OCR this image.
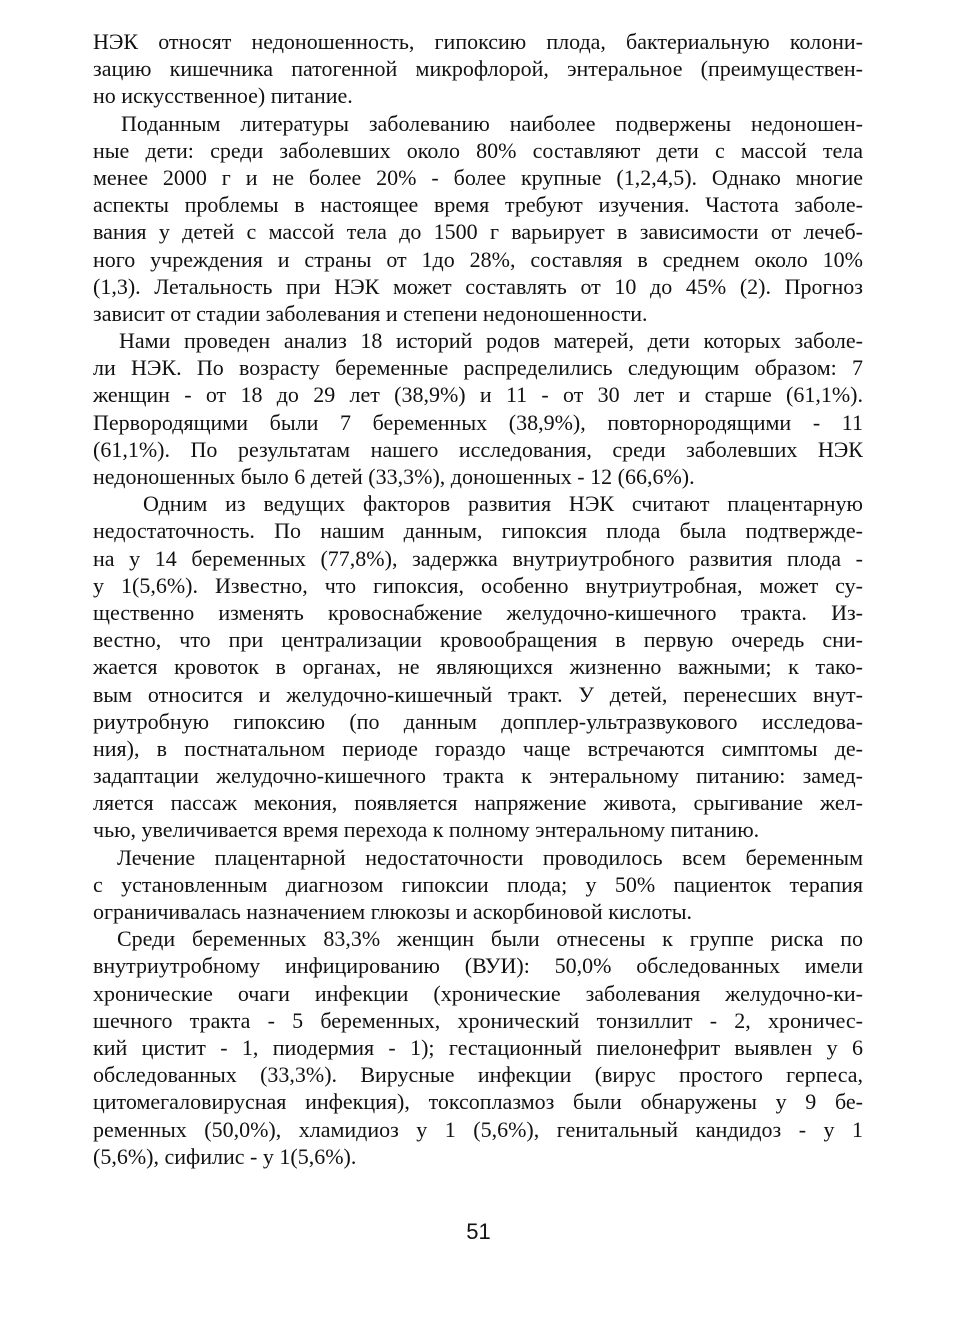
НЭК относят недоношенность, гипоксию плода, бактериальную колони-
зацию кишечника патогенной микрофлорой, энтеральное (преимуществен-
но искусственное) питание.
Поданным литературы заболеванию наиболее подвержены недоношен-
ные дети: среди заболевших около 80% составляют дети с массой тела
менее 2000 г и не более 20% - более крупные (1,2,4,5). Однако многие
аспекты проблемы в настоящее время требуют изучения. Частота заболе-
вания у детей с массой тела до 1500 г варьирует в зависимости от лечеб-
ного учреждения и страны от 1до 28%, составляя в среднем около 10%
(1,3). Летальность при НЭК может составлять от 10 до 45% (2). Прогноз
зависит от стадии заболевания и степени недоношенности.
Нами проведен анализ 18 историй родов матерей, дети которых заболе-
ли НЭК. По возрасту беременные распределились следующим образом: 7
женщин - от 18 до 29 лет (38,9%) и 11 - от 30 лет и старше (61,1%).
Первородящими были 7 беременных (38,9%), повторнородящими - 11
(61,1%). По результатам нашего исследования, среди заболевших НЭК
недоношенных было 6 детей (33,3%), доношенных - 12 (66,6%).
Одним из ведущих факторов развития НЭК считают плацентарную
недостаточность. По нашим данным, гипоксия плода была подтвержде-
на у 14 беременных (77,8%), задержка внутриутробного развития плода -
у 1(5,6%). Известно, что гипоксия, особенно внутриутробная, может су-
щественно изменять кровоснабжение желудочно-кишечного тракта. Из-
вестно, что при централизации кровообращения в первую очередь сни-
жается кровоток в органах, не являющихся жизненно важными; к тако-
вым относится и желудочно-кишечный тракт. У детей, перенесших внут-
риутробную гипоксию (по данным допплер-ультразвукового исследова-
ния), в постнатальном периоде гораздо чаще встречаются симптомы де-
задаптации желудочно-кишечного тракта к энтеральному питанию: замед-
ляется пассаж мекония, появляется напряжение живота, срыгивание жел-
чью, увеличивается время перехода к полному энтеральному питанию.
Лечение плацентарной недостаточности проводилось всем беременным
с установленным диагнозом гипоксии плода; у 50% пациенток терапия
ограничивалась назначением глюкозы и аскорбиновой кислоты.
Среди беременных 83,3% женщин были отнесены к группе риска по
внутриутробному инфицированию (ВУИ): 50,0% обследованных имели
хронические очаги инфекции (хронические заболевания желудочно-ки-
шечного тракта - 5 беременных, хронический тонзиллит - 2, хроничес-
кий цистит - 1, пиодермия - 1); гестационный пиелонефрит выявлен у 6
обследованных (33,3%). Вирусные инфекции (вирус простого герпеса,
цитомегаловирусная инфекция), токсоплазмоз были обнаружены у 9 бе-
ременных (50,0%), хламидиоз у 1 (5,6%), генитальный кандидоз - у 1
(5,6%), сифилис - у 1(5,6%).
51
